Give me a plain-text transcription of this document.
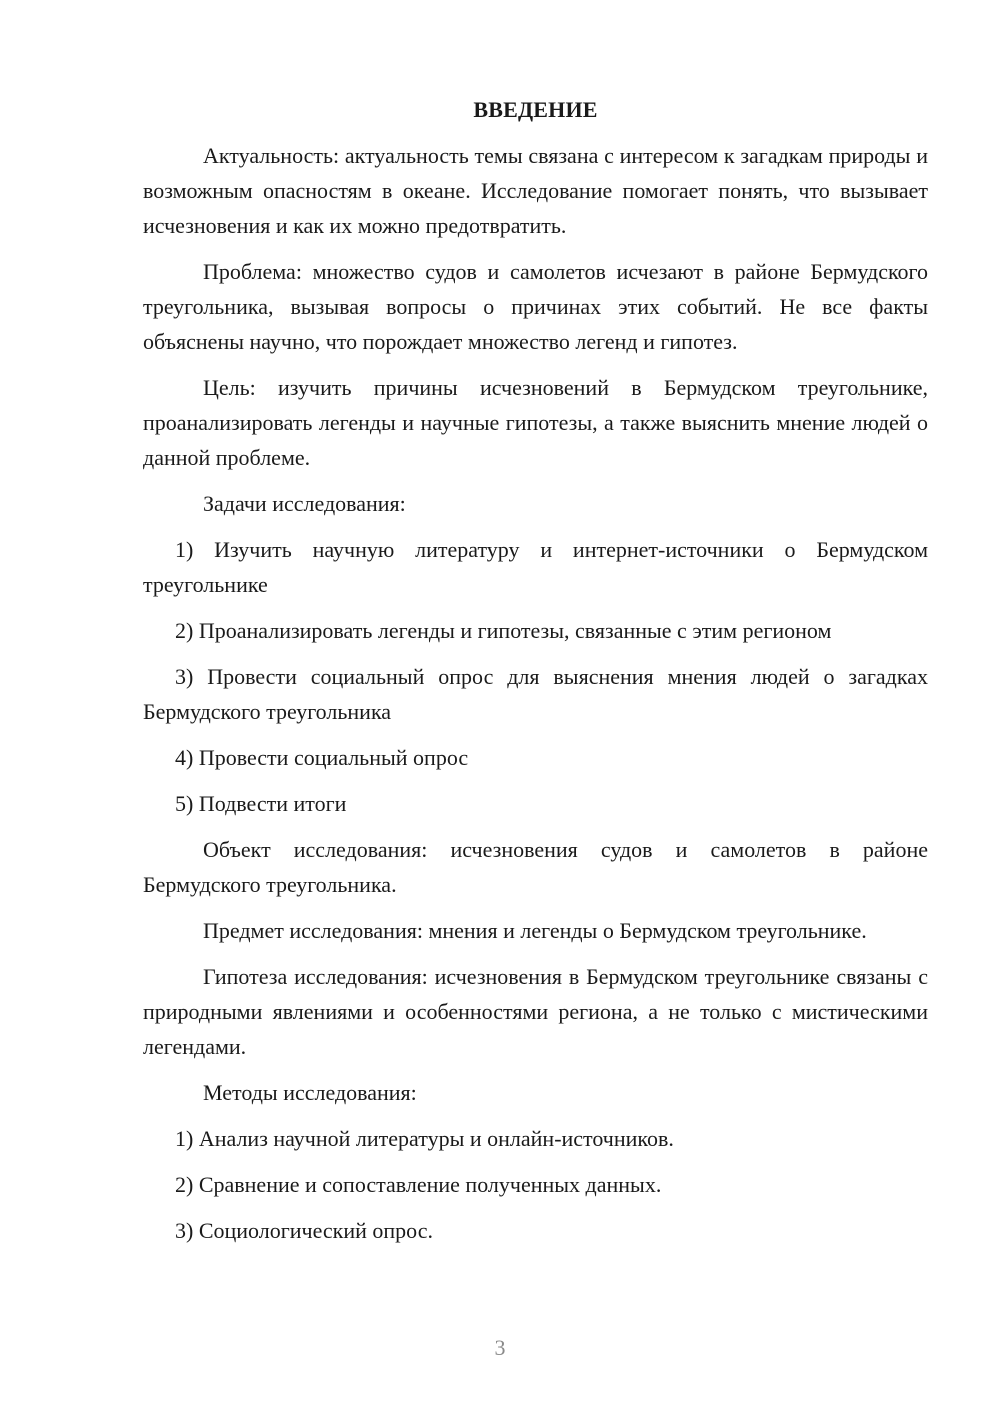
ВВЕДЕНИЕ

Актуальность: актуальность темы связана с интересом к загадкам природы и возможным опасностям в океане. Исследование помогает понять, что вызывает исчезновения и как их можно предотвратить.

Проблема: множество судов и самолетов исчезают в районе Бермудского треугольника, вызывая вопросы о причинах этих событий. Не все факты объяснены научно, что порождает множество легенд и гипотез.

Цель: изучить причины исчезновений в Бермудском треугольнике, проанализировать легенды и научные гипотезы, а также выяснить мнение людей о данной проблеме.

Задачи исследования:

1) Изучить научную литературу и интернет-источники о Бермудском треугольнике

2) Проанализировать легенды и гипотезы, связанные с этим регионом

3) Провести социальный опрос для выяснения мнения людей о загадках Бермудского треугольника

4) Провести социальный опрос

5) Подвести итоги

Объект исследования: исчезновения судов и самолетов в районе Бермудского треугольника.

Предмет исследования: мнения и легенды о Бермудском треугольнике.

Гипотеза исследования: исчезновения в Бермудском треугольнике связаны с природными явлениями и особенностями региона, а не только с мистическими легендами.

Методы исследования:

1) Анализ научной литературы и онлайн-источников.

2) Сравнение и сопоставление полученных данных.

3) Социологический опрос.

3
